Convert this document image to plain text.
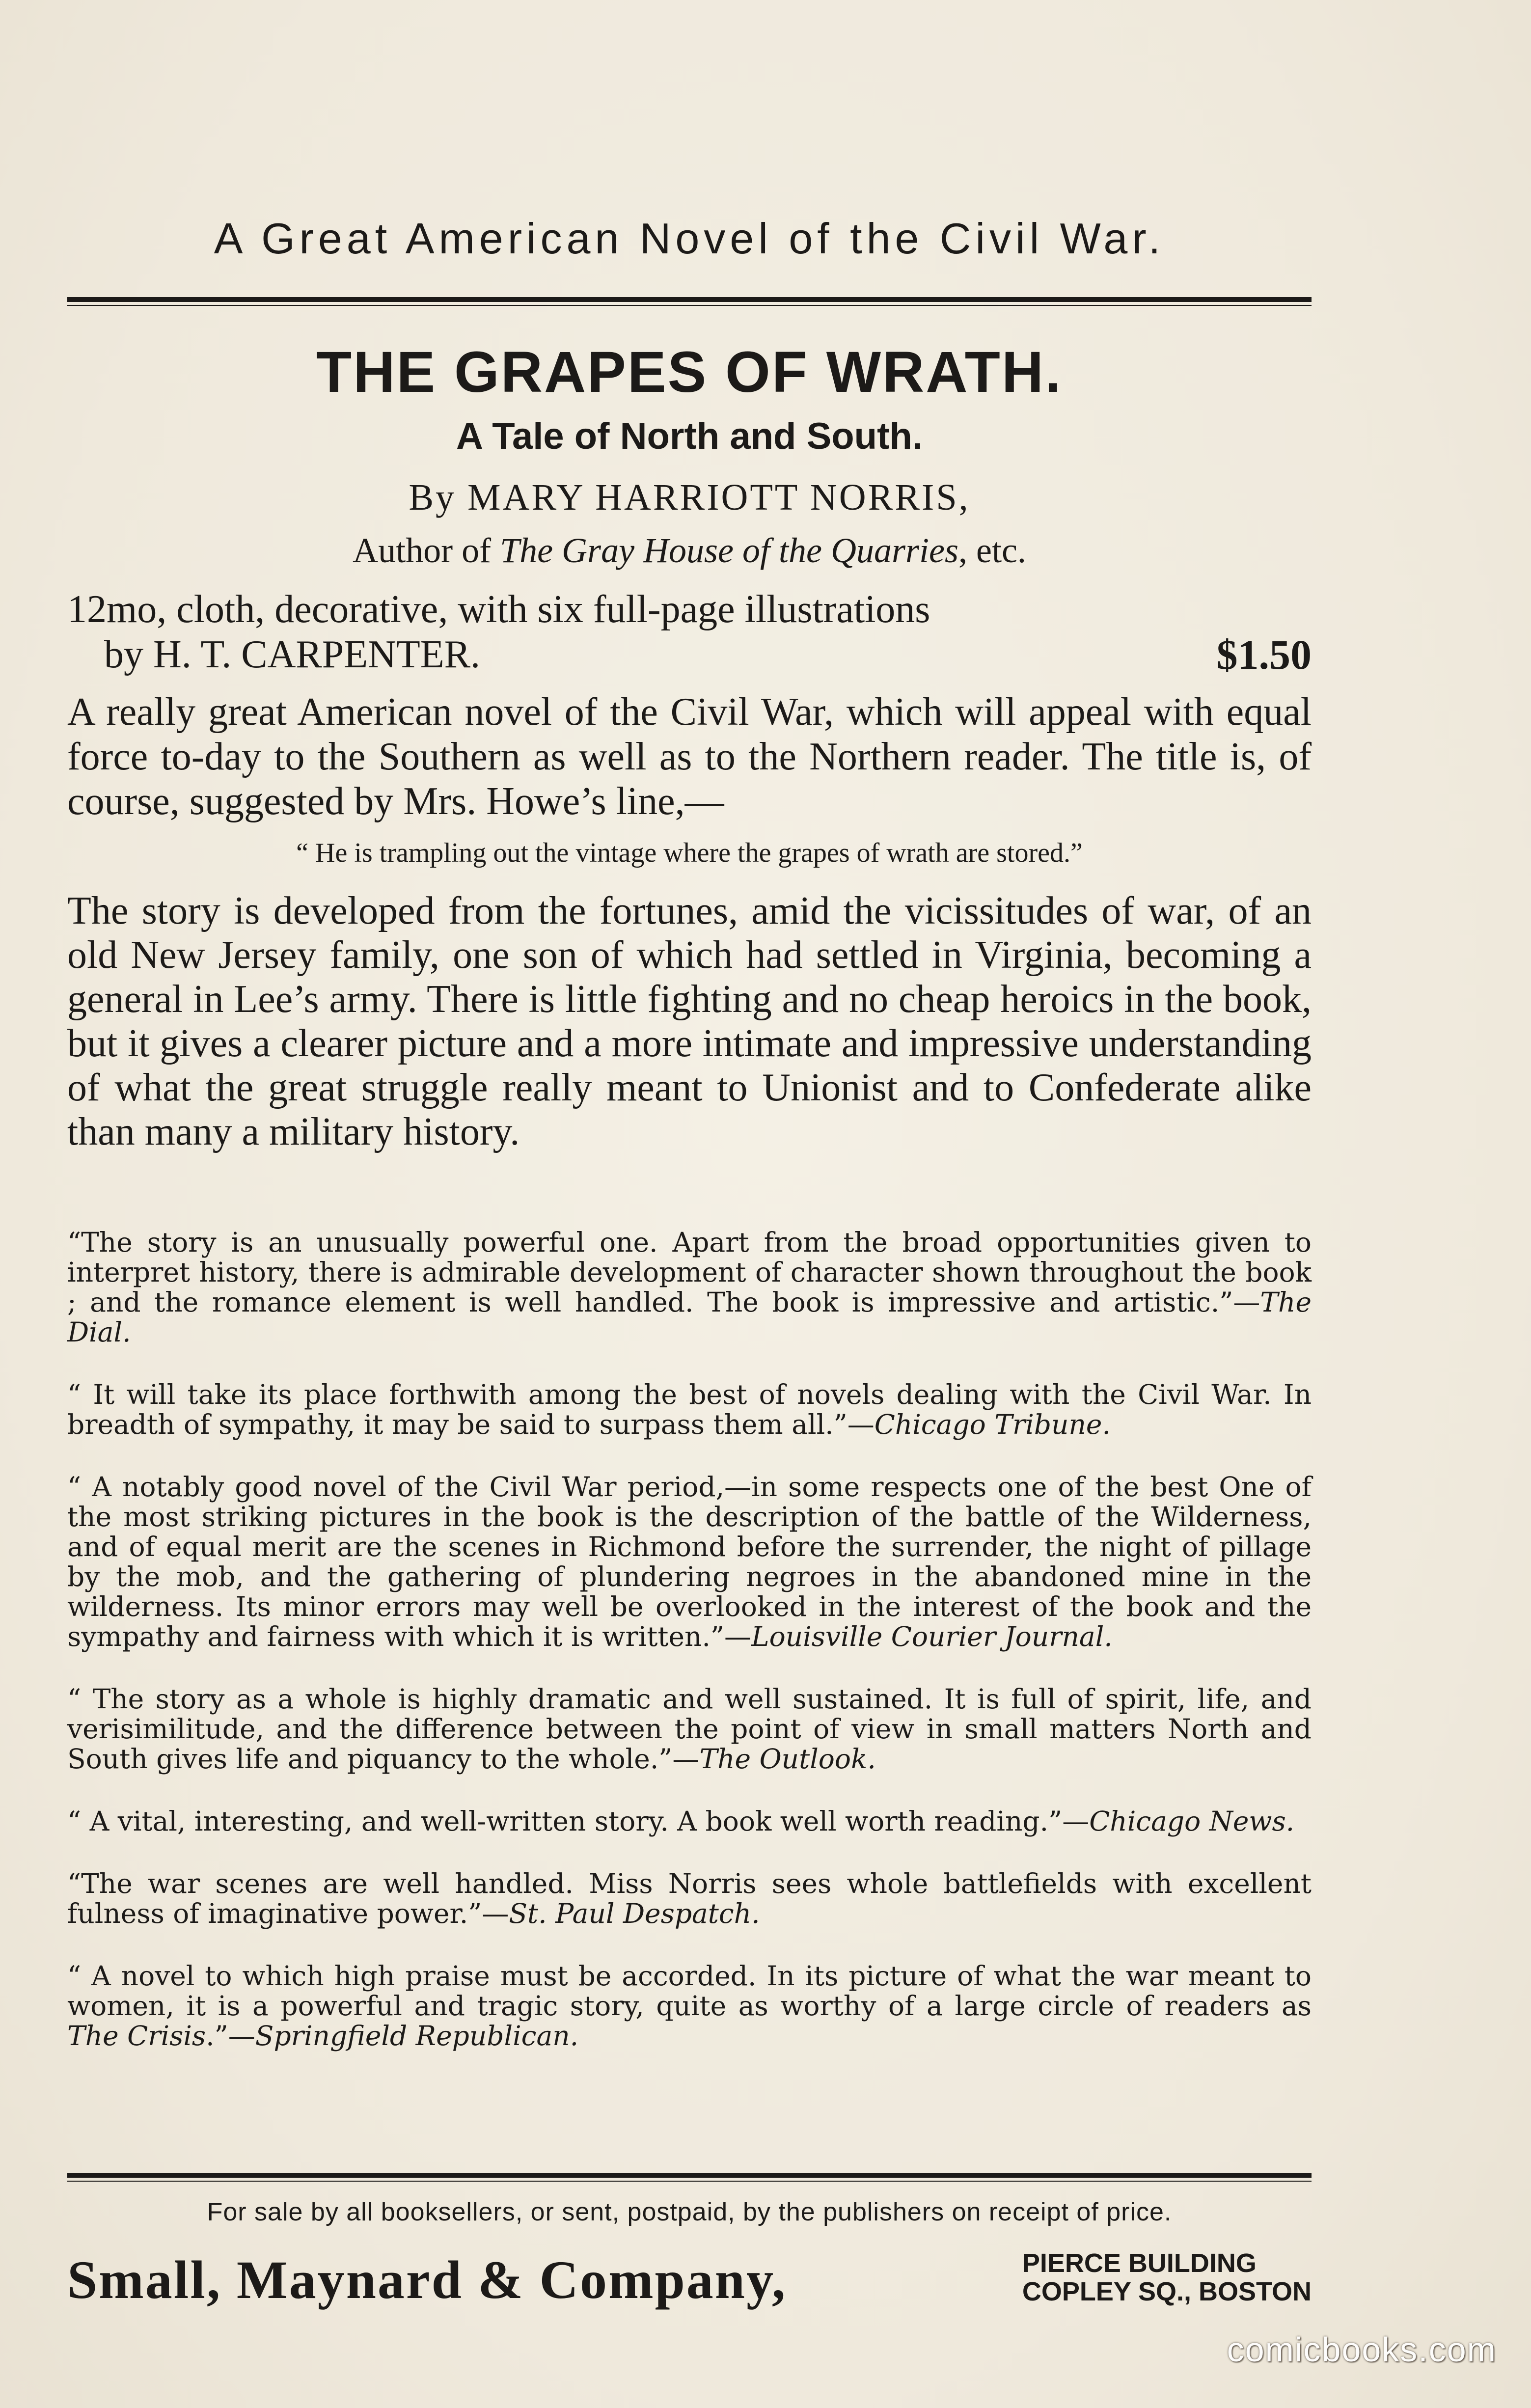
A Great American Novel of the Civil War.
THE GRAPES OF WRATH.
A Tale of North and South.
By MARY HARRIOTT NORRIS,
Author of The Gray House of the Quarries, etc.
12mo, cloth, decorative, with six full-page illustrations
by H. T. CARPENTER.	$1.50
A really great American novel of the Civil War, which will appeal with equal force to-day to the Southern as well as to the Northern reader. The title is, of course, suggested by Mrs. Howe’s line,—
“ He is trampling out the vintage where the grapes of wrath are stored.”
The story is developed from the fortunes, amid the vicissitudes of war, of an old New Jersey family, one son of which had settled in Virginia, becoming a general in Lee’s army. There is little fighting and no cheap heroics in the book, but it gives a clearer picture and a more intimate and impressive understanding of what the great struggle really meant to Unionist and to Confederate alike than many a military history.

“The story is an unusually powerful one. Apart from the broad opportunities given to interpret history, there is admirable development of character shown throughout the book ; and the romance element is well handled. The book is impressive and artistic.”—The Dial.

“ It will take its place forthwith among the best of novels dealing with the Civil War. In breadth of sympathy, it may be said to surpass them all.”—Chicago Tribune.

“ A notably good novel of the Civil War period,—in some respects one of the best One of the most striking pictures in the book is the description of the battle of the Wilderness, and of equal merit are the scenes in Richmond before the surrender, the night of pillage by the mob, and the gathering of plundering negroes in the abandoned mine in the wilderness. Its minor errors may well be overlooked in the interest of the book and the sympathy and fairness with which it is written.”—Louisville Courier Journal.

“ The story as a whole is highly dramatic and well sustained. It is full of spirit, life, and verisimilitude, and the difference between the point of view in small matters North and South gives life and piquancy to the whole.”—The Outlook.

“ A vital, interesting, and well-written story. A book well worth reading.”—Chicago News.

“The war scenes are well handled. Miss Norris sees whole battlefields with excellent fulness of imaginative power.”—St. Paul Despatch.

“ A novel to which high praise must be accorded. In its picture of what the war meant to women, it is a powerful and tragic story, quite as worthy of a large circle of readers as The Crisis.”—Springfield Republican.

For sale by all booksellers, or sent, postpaid, by the publishers on receipt of price.
Small, Maynard & Company,	PIERCE BUILDING
COPLEY SQ., BOSTON
comicbooks.com
